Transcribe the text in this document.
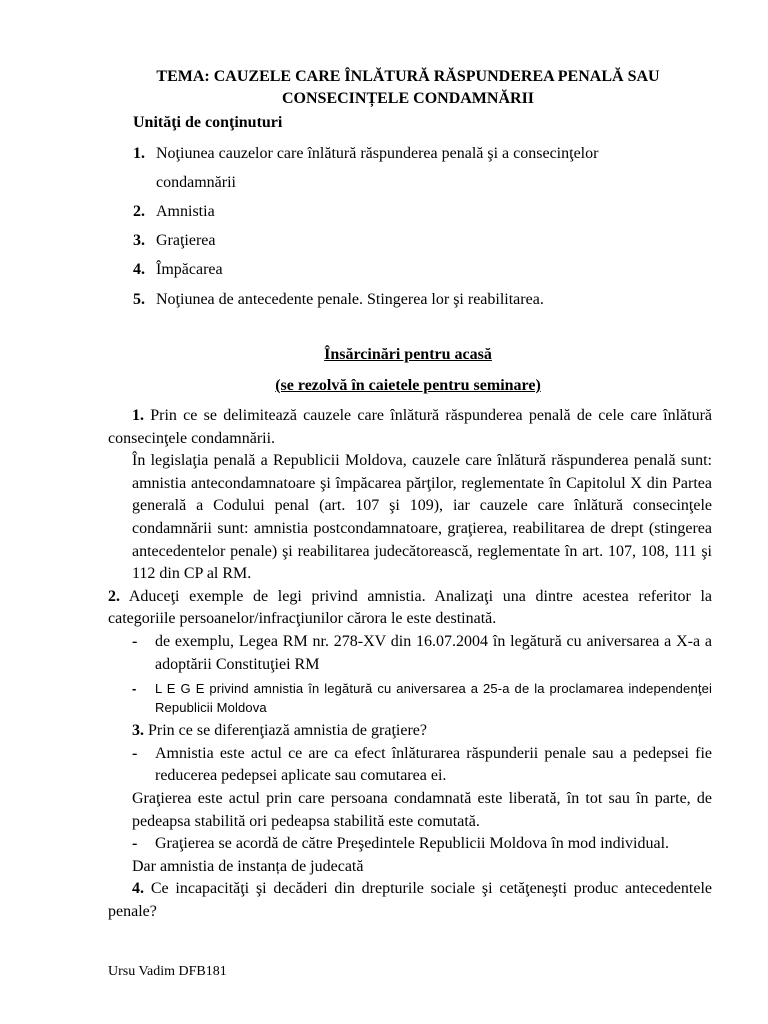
TEMA: CAUZELE CARE ÎNLĂTURĂ RĂSPUNDEREA PENALĂ SAU
CONSECINȚELE CONDAMNĂRII
Unităţi de conţinuturi
1. Noţiunea cauzelor care înlătură răspunderea penală şi a consecinţelor
condamnării
2. Amnistia
3. Graţierea
4. Împăcarea
5. Noţiunea de antecedente penale. Stingerea lor şi reabilitarea.
Însărcinări pentru acasă
(se rezolvă în caietele pentru seminare)
1. Prin ce se delimitează cauzele care înlătură răspunderea penală de cele care înlătură consecinţele condamnării.
În legislaţia penală a Republicii Moldova, cauzele care înlătură răspunderea penală sunt: amnistia antecondamnatoare şi împăcarea părţilor, reglementate în Capitolul X din Partea generală a Codului penal (art. 107 şi 109), iar cauzele care înlătură consecinţele condamnării sunt: amnistia postcondamnatoare, graţierea, reabilitarea de drept (stingerea antecedentelor penale) şi reabilitarea judecătorească, reglementate în art. 107, 108, 111 şi 112 din CP al RM.
2. Aduceţi exemple de legi privind amnistia. Analizaţi una dintre acestea referitor la categoriile persoanelor/infracţiunilor cărora le este destinată.
- de exemplu, Legea RM nr. 278-XV din 16.07.2004 în legătură cu aniversarea a X-a a adoptării Constituţiei RM
- L E G E privind amnistia în legătură cu aniversarea a 25-a de la proclamarea independenţei Republicii Moldova
3. Prin ce se diferenţiază amnistia de graţiere?
- Amnistia este actul ce are ca efect înlăturarea răspunderii penale sau a pedepsei fie reducerea pedepsei aplicate sau comutarea ei.
Graţierea este actul prin care persoana condamnată este liberată, în tot sau în parte, de pedeapsa stabilită ori pedeapsa stabilită este comutată.
- Graţierea se acordă de către Preşedintele Republicii Moldova în mod individual.
Dar amnistia de instanța de judecată
4. Ce incapacităţi şi decăderi din drepturile sociale şi cetăţeneşti produc antecedentele penale?
Ursu Vadim DFB181
